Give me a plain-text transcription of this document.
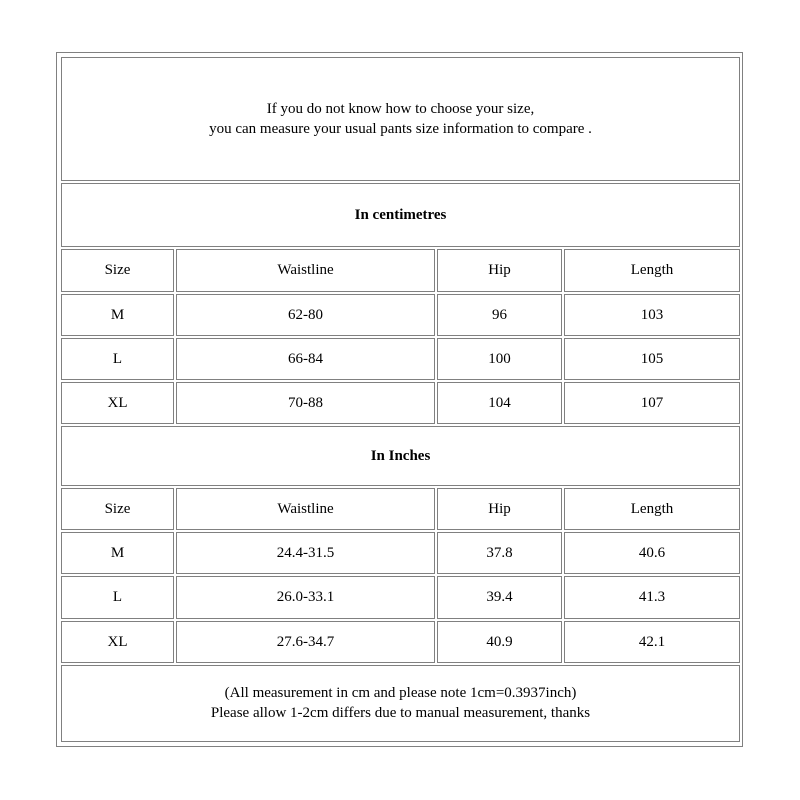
If you do not know how to choose your size,
you can measure your usual pants size information to compare .			

In centimetres			
Size	Waistline	Hip	Length
M	62-80	96	103
L	66-84	100	105
XL	70-88	104	107
In Inches			
Size	Waistline	Hip	Length
M	24.4-31.5	37.8	40.6
L	26.0-33.1	39.4	41.3
XL	27.6-34.7	40.9	42.1

(All measurement in cm and please note 1cm=0.3937inch)
Please allow 1-2cm differs due to manual measurement, thanks			
